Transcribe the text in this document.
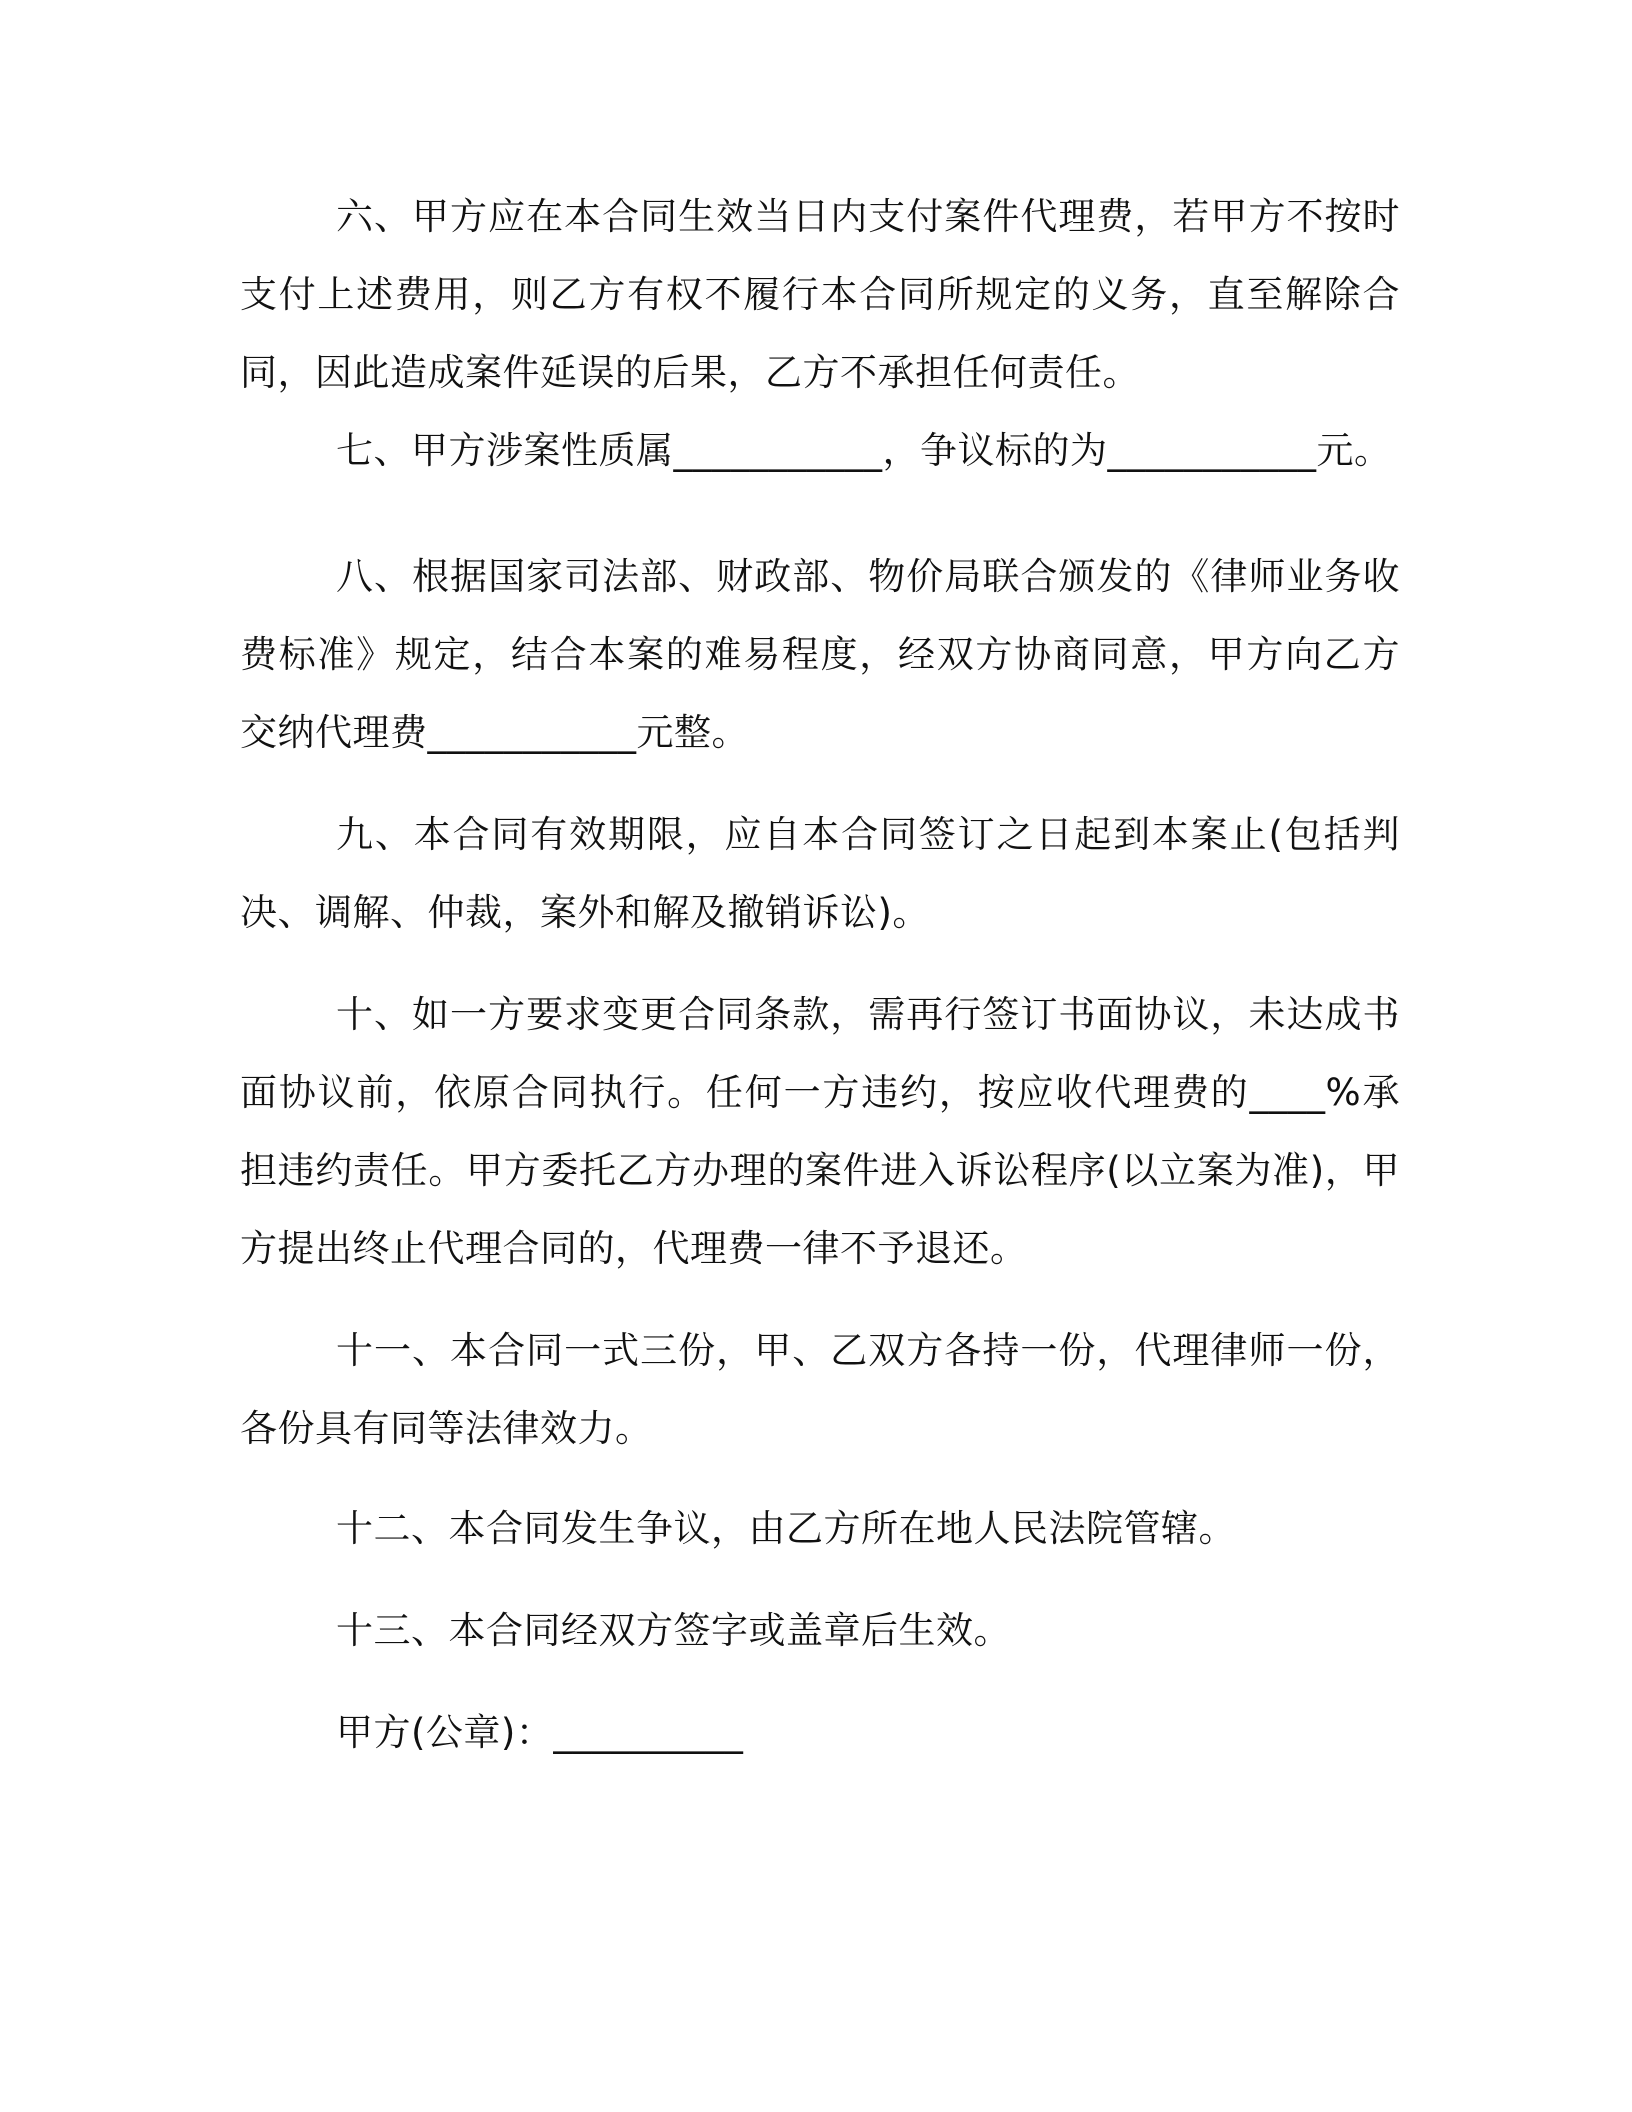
六、甲方应在本合同生效当日内支付案件代理费，若甲方不按时支付上述费用，则乙方有权不履行本合同所规定的义务，直至解除合同，因此造成案件延误的后果，乙方不承担任何责任。

七、甲方涉案性质属___________，争议标的为___________元。

八、根据国家司法部、财政部、物价局联合颁发的《律师业务收费标准》规定，结合本案的难易程度，经双方协商同意，甲方向乙方交纳代理费___________元整。

九、本合同有效期限，应自本合同签订之日起到本案止(包括判决、调解、仲裁，案外和解及撤销诉讼)。

十、如一方要求变更合同条款，需再行签订书面协议，未达成书面协议前，依原合同执行。任何一方违约，按应收代理费的____%承担违约责任。甲方委托乙方办理的案件进入诉讼程序(以立案为准)，甲方提出终止代理合同的，代理费一律不予退还。

十一、本合同一式三份，甲、乙双方各持一份，代理律师一份，各份具有同等法律效力。

十二、本合同发生争议，由乙方所在地人民法院管辖。

十三、本合同经双方签字或盖章后生效。

甲方(公章)：__________
